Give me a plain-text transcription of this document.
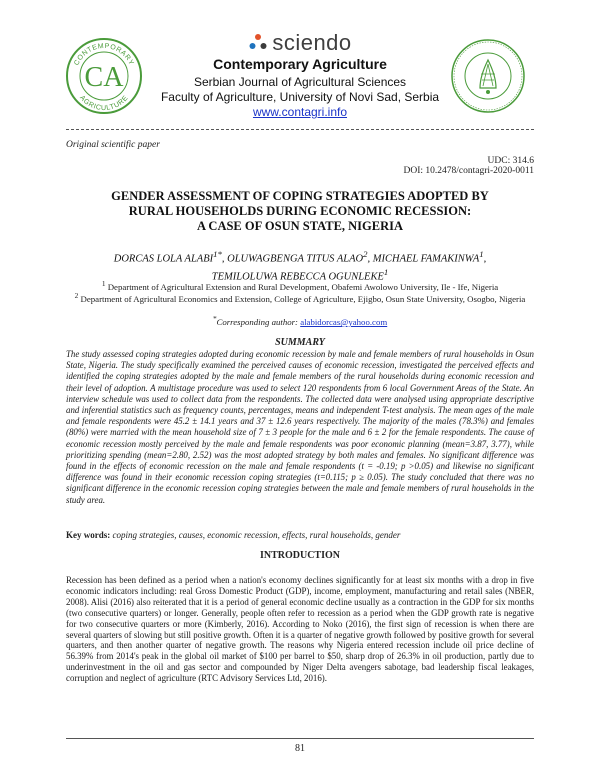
CONTEMPORARY
AGRICULTURE
CA
sciendo
Contemporary Agriculture
Serbian Journal of Agricultural Sciences
Faculty of Agriculture, University of Novi Sad, Serbia
www.contagri.info
Original scientific paper
UDC: 314.6
DOI: 10.2478/contagri-2020-0011
GENDER ASSESSMENT OF COPING STRATEGIES ADOPTED BY
RURAL HOUSEHOLDS DURING ECONOMIC RECESSION:
A CASE OF OSUN STATE, NIGERIA
DORCAS LOLA $ALABI^{1*}$, OLUWAGBENGA TITUS ALAO$^2$, MICHAEL FAMAKINWA$^1$,
TEMILOLUWA REBECCA OGUNLEKE$^1$
$^1$ Department of Agricultural Extension and Rural Development, Obafemi Awolowo University, Ile - Ife, Nigeria
$^2$ Department of Agricultural Economics and Extension, College of Agriculture, Ejigbo, Osun State University, Osogbo, Nigeria
*Corresponding author: alabidorcas@yahoo.com
SUMMARY
The study assessed coping strategies adopted during economic recession by male and female members of rural households in Osun State, Nigeria. The study specifically examined the perceived causes of economic recession, investigated the perceived effects and identified the coping strategies adopted by the male and female members of the rural households during economic recession and their level of adoption. A multistage procedure was used to select 120 respondents from 6 local Government Areas of the State. An interview schedule was used to collect data from the respondents. The collected data were analysed using appropriate descriptive and inferential statistics such as frequency counts, percentages, means and independent T-test analysis. The mean ages of the male and female respondents were 45.2 ± 14.1 years and 37 ± 12.6 years respectively. The majority of the males (78.3%) and females (80%) were married with the mean household size of 7 ± 3 people for the male and 6 ± 2 for the female respondents. The cause of economic recession mostly perceived by the male and female respondents was poor economic planning (mean=3.87, 3.77), while prioritizing spending (mean=2.80, 2.52) was the most adopted strategy by both males and females. No significant difference was found in the effects of economic recession on the male and female respondents (t = -0.19; p >0.05) and likewise no significant difference was found in their economic recession coping strategies (t=0.115; p ≥ 0.05). The study concluded that there was no significant difference in the economic recession coping strategies between the male and female members of rural households in the study area.
Key words: coping strategies, causes, economic recession, effects, rural households, gender
INTRODUCTION
Recession has been defined as a period when a nation's economy declines significantly for at least six months with a drop in five economic indicators including: real Gross Domestic Product (GDP), income, employment, manufacturing and retail sales (NBER, 2008). Alisi (2016) also reiterated that it is a period of general economic decline usually as a contraction in the GDP for six months (two consecutive quarters) or longer. Generally, people often refer to recession as a period when the GDP growth rate is negative for two consecutive quarters or more (Kimberly, 2016). According to Noko (2016), the first sign of recession is when there are several quarters of slowing but still positive growth. Often it is a quarter of negative growth followed by positive growth for several quarters, and then another quarter of negative growth. The reasons why Nigeria entered recession include oil price decline of 56.39% from 2014's peak in the global oil market of $100 per barrel to $50, sharp drop of 26.3% in oil production, partly due to underinvestment in the oil and gas sector and compounded by Niger Delta avengers sabotage, bad leadership fiscal leakages, corruption and neglect of agriculture (RTC Advisory Services Ltd, 2016).
81
